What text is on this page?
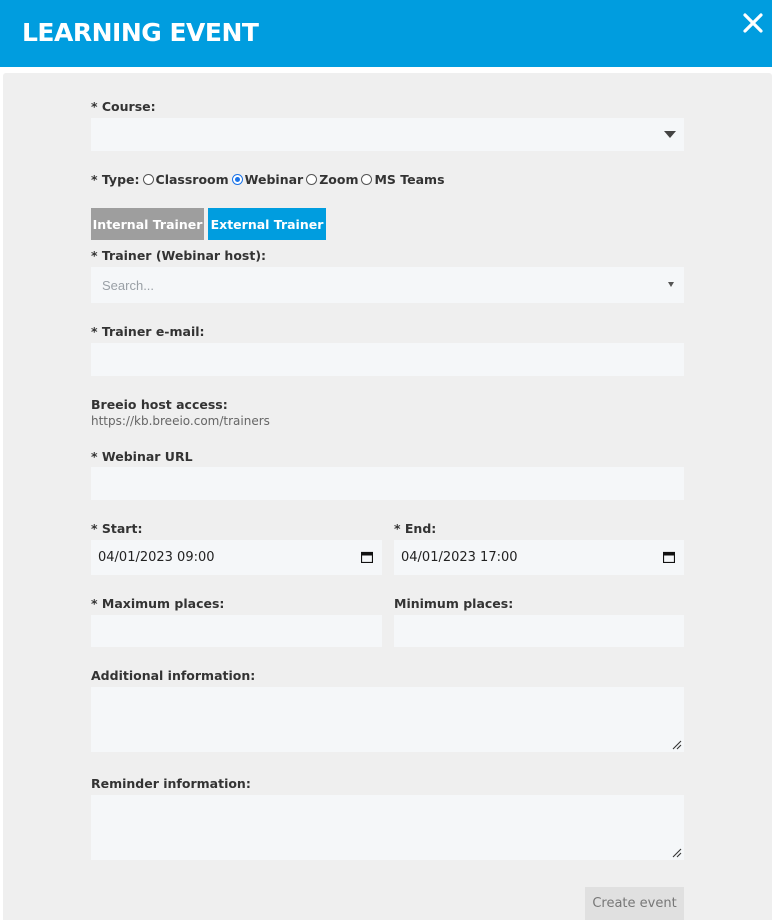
LEARNING EVENT
* Course:
* Type: Classroom Webinar Zoom MS Teams
Internal Trainer External Trainer
* Trainer (Webinar host):
Search...
* Trainer e-mail:
Breeio host access:
https://kb.breeio.com/trainers
* Webinar URL
* Start:
04/01/2023 09:00
* End:
04/01/2023 17:00
* Maximum places:	Minimum places:
Additional information:
Reminder information:
Create event
